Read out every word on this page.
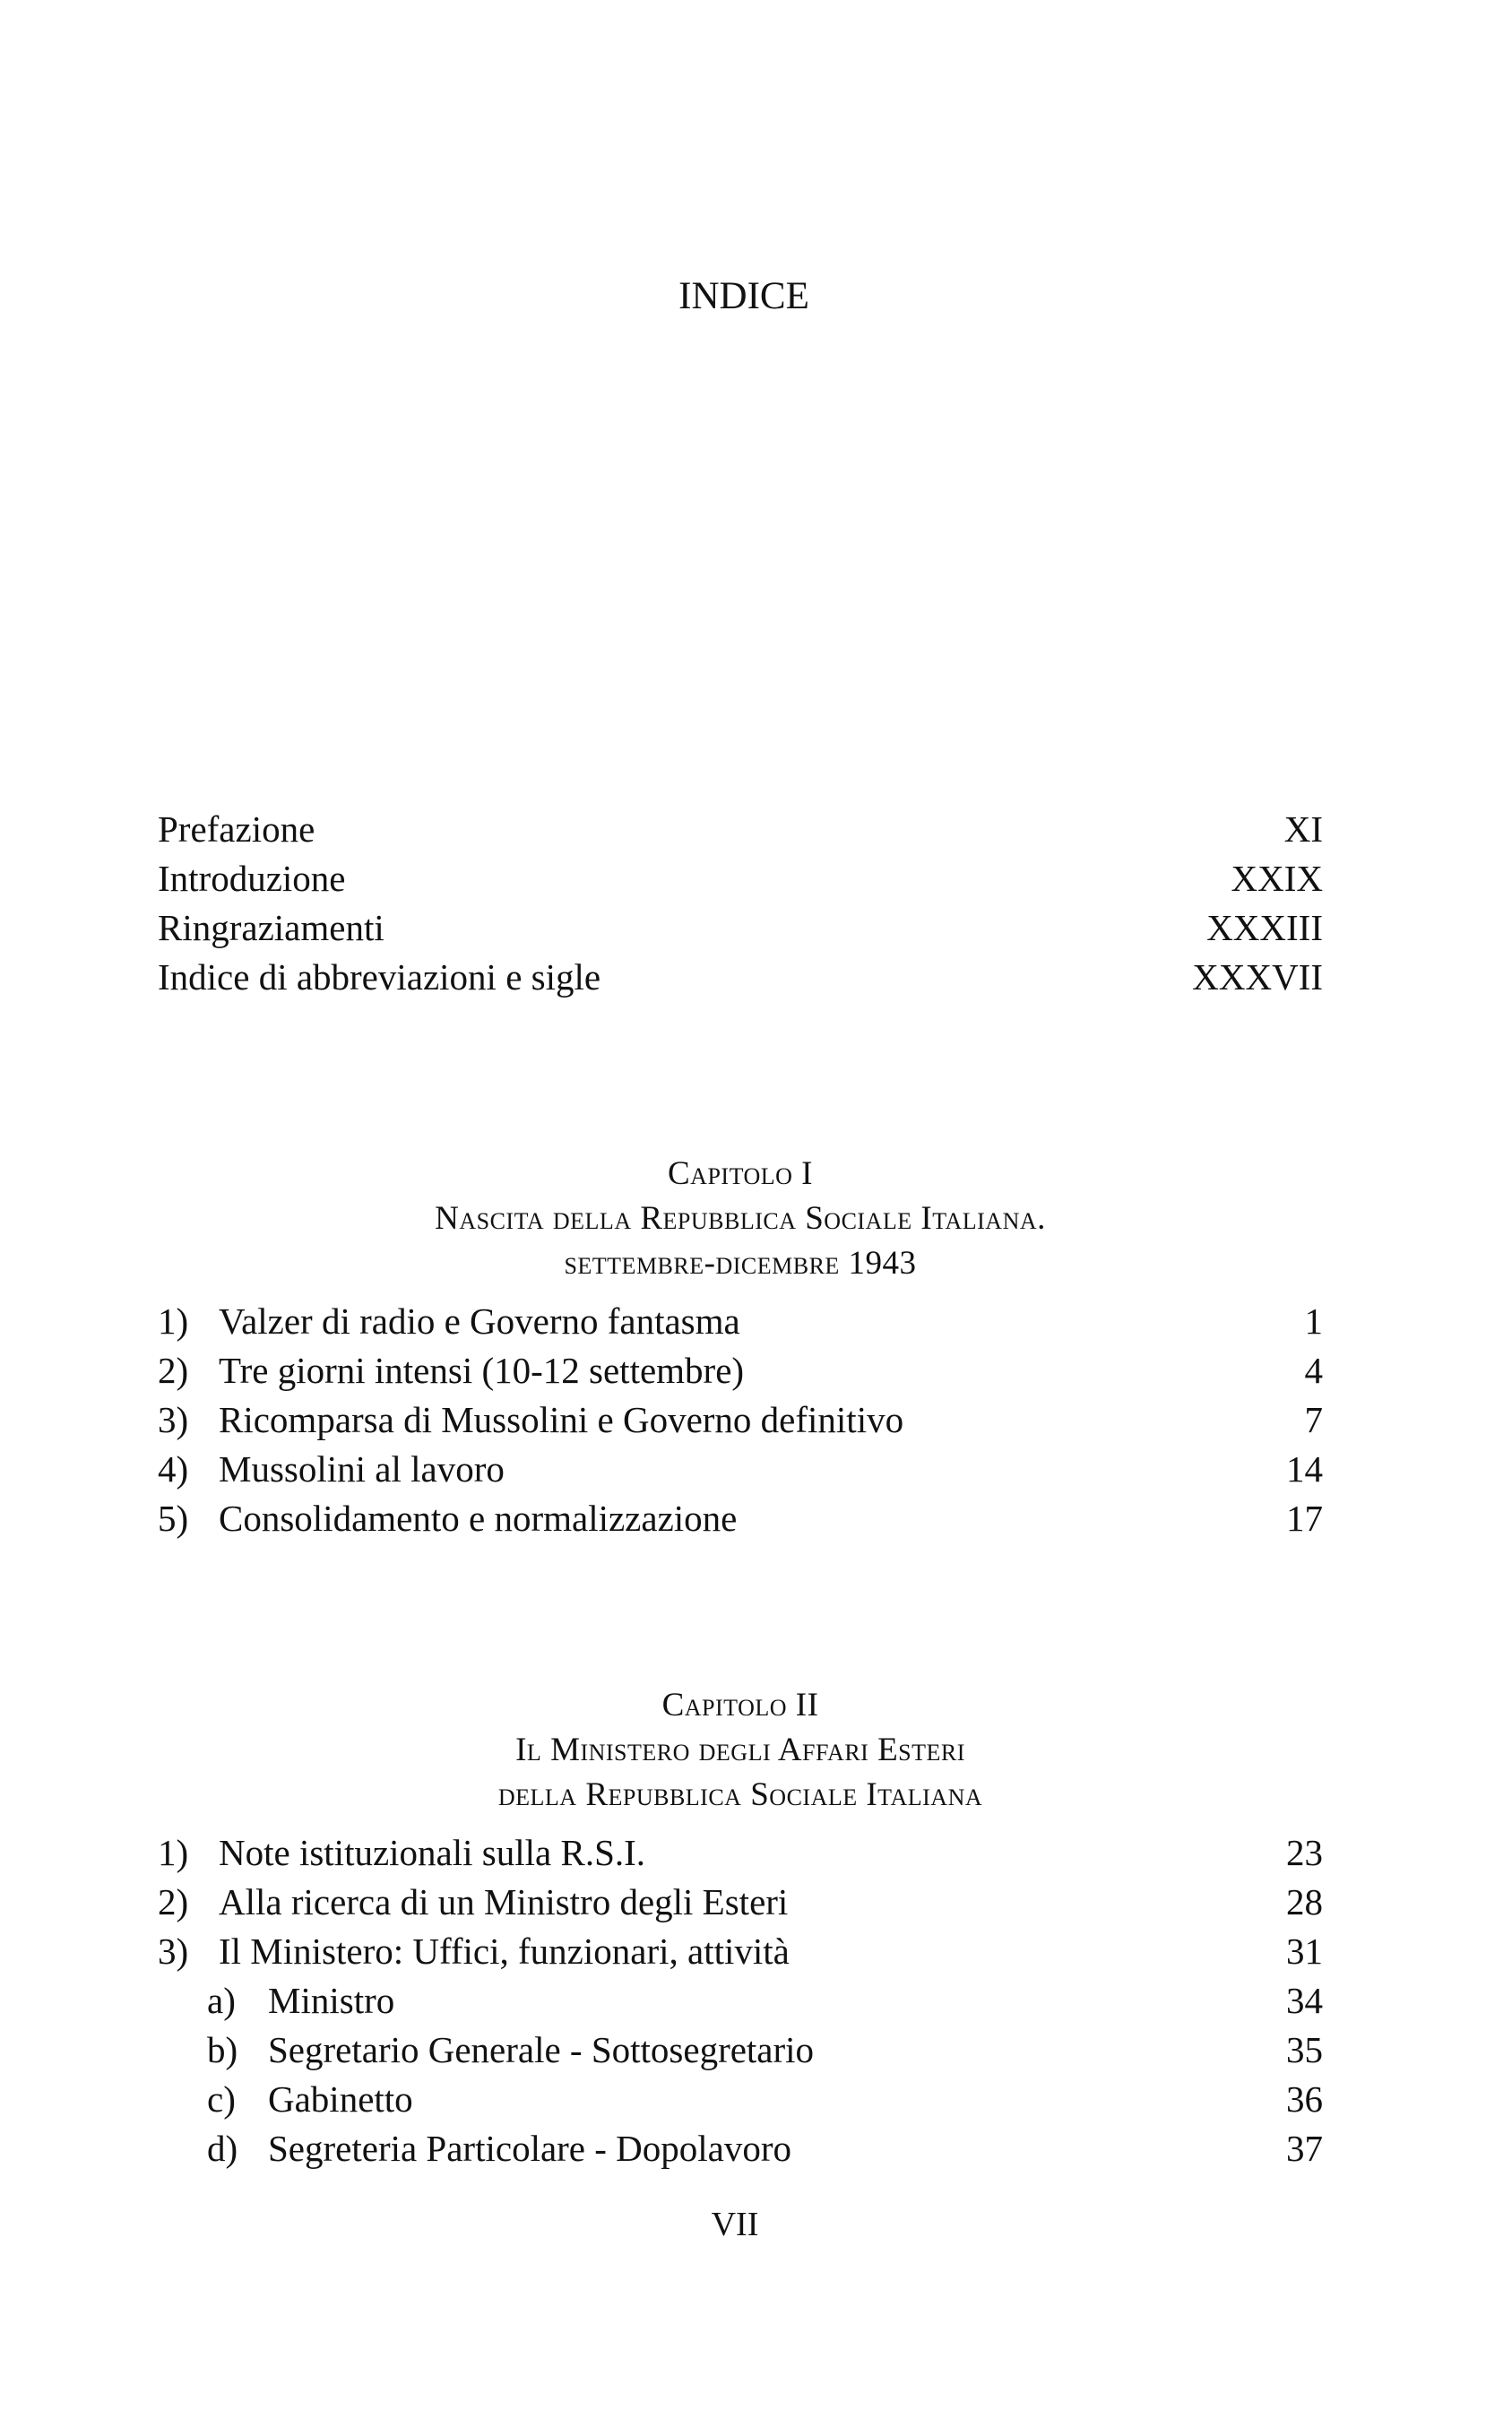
INDICE
Prefazione	XI
Introduzione	XXIX
Ringraziamenti	XXXIII
Indice di abbreviazioni e sigle	XXXVII
Capitolo I
Nascita della Repubblica Sociale Italiana.
settembre-dicembre 1943
1) Valzer di radio e Governo fantasma	1
2) Tre giorni intensi (10-12 settembre)	4
3) Ricomparsa di Mussolini e Governo definitivo	7
4) Mussolini al lavoro	14
5) Consolidamento e normalizzazione	17
Capitolo II
Il Ministero degli Affari Esteri
della Repubblica Sociale Italiana
1) Note istituzionali sulla R.S.I.	23
2) Alla ricerca di un Ministro degli Esteri	28
3) Il Ministero: Uffici, funzionari, attività	31
a) Ministro	34
b) Segretario Generale - Sottosegretario	35
c) Gabinetto	36
d) Segreteria Particolare - Dopolavoro	37
VII
